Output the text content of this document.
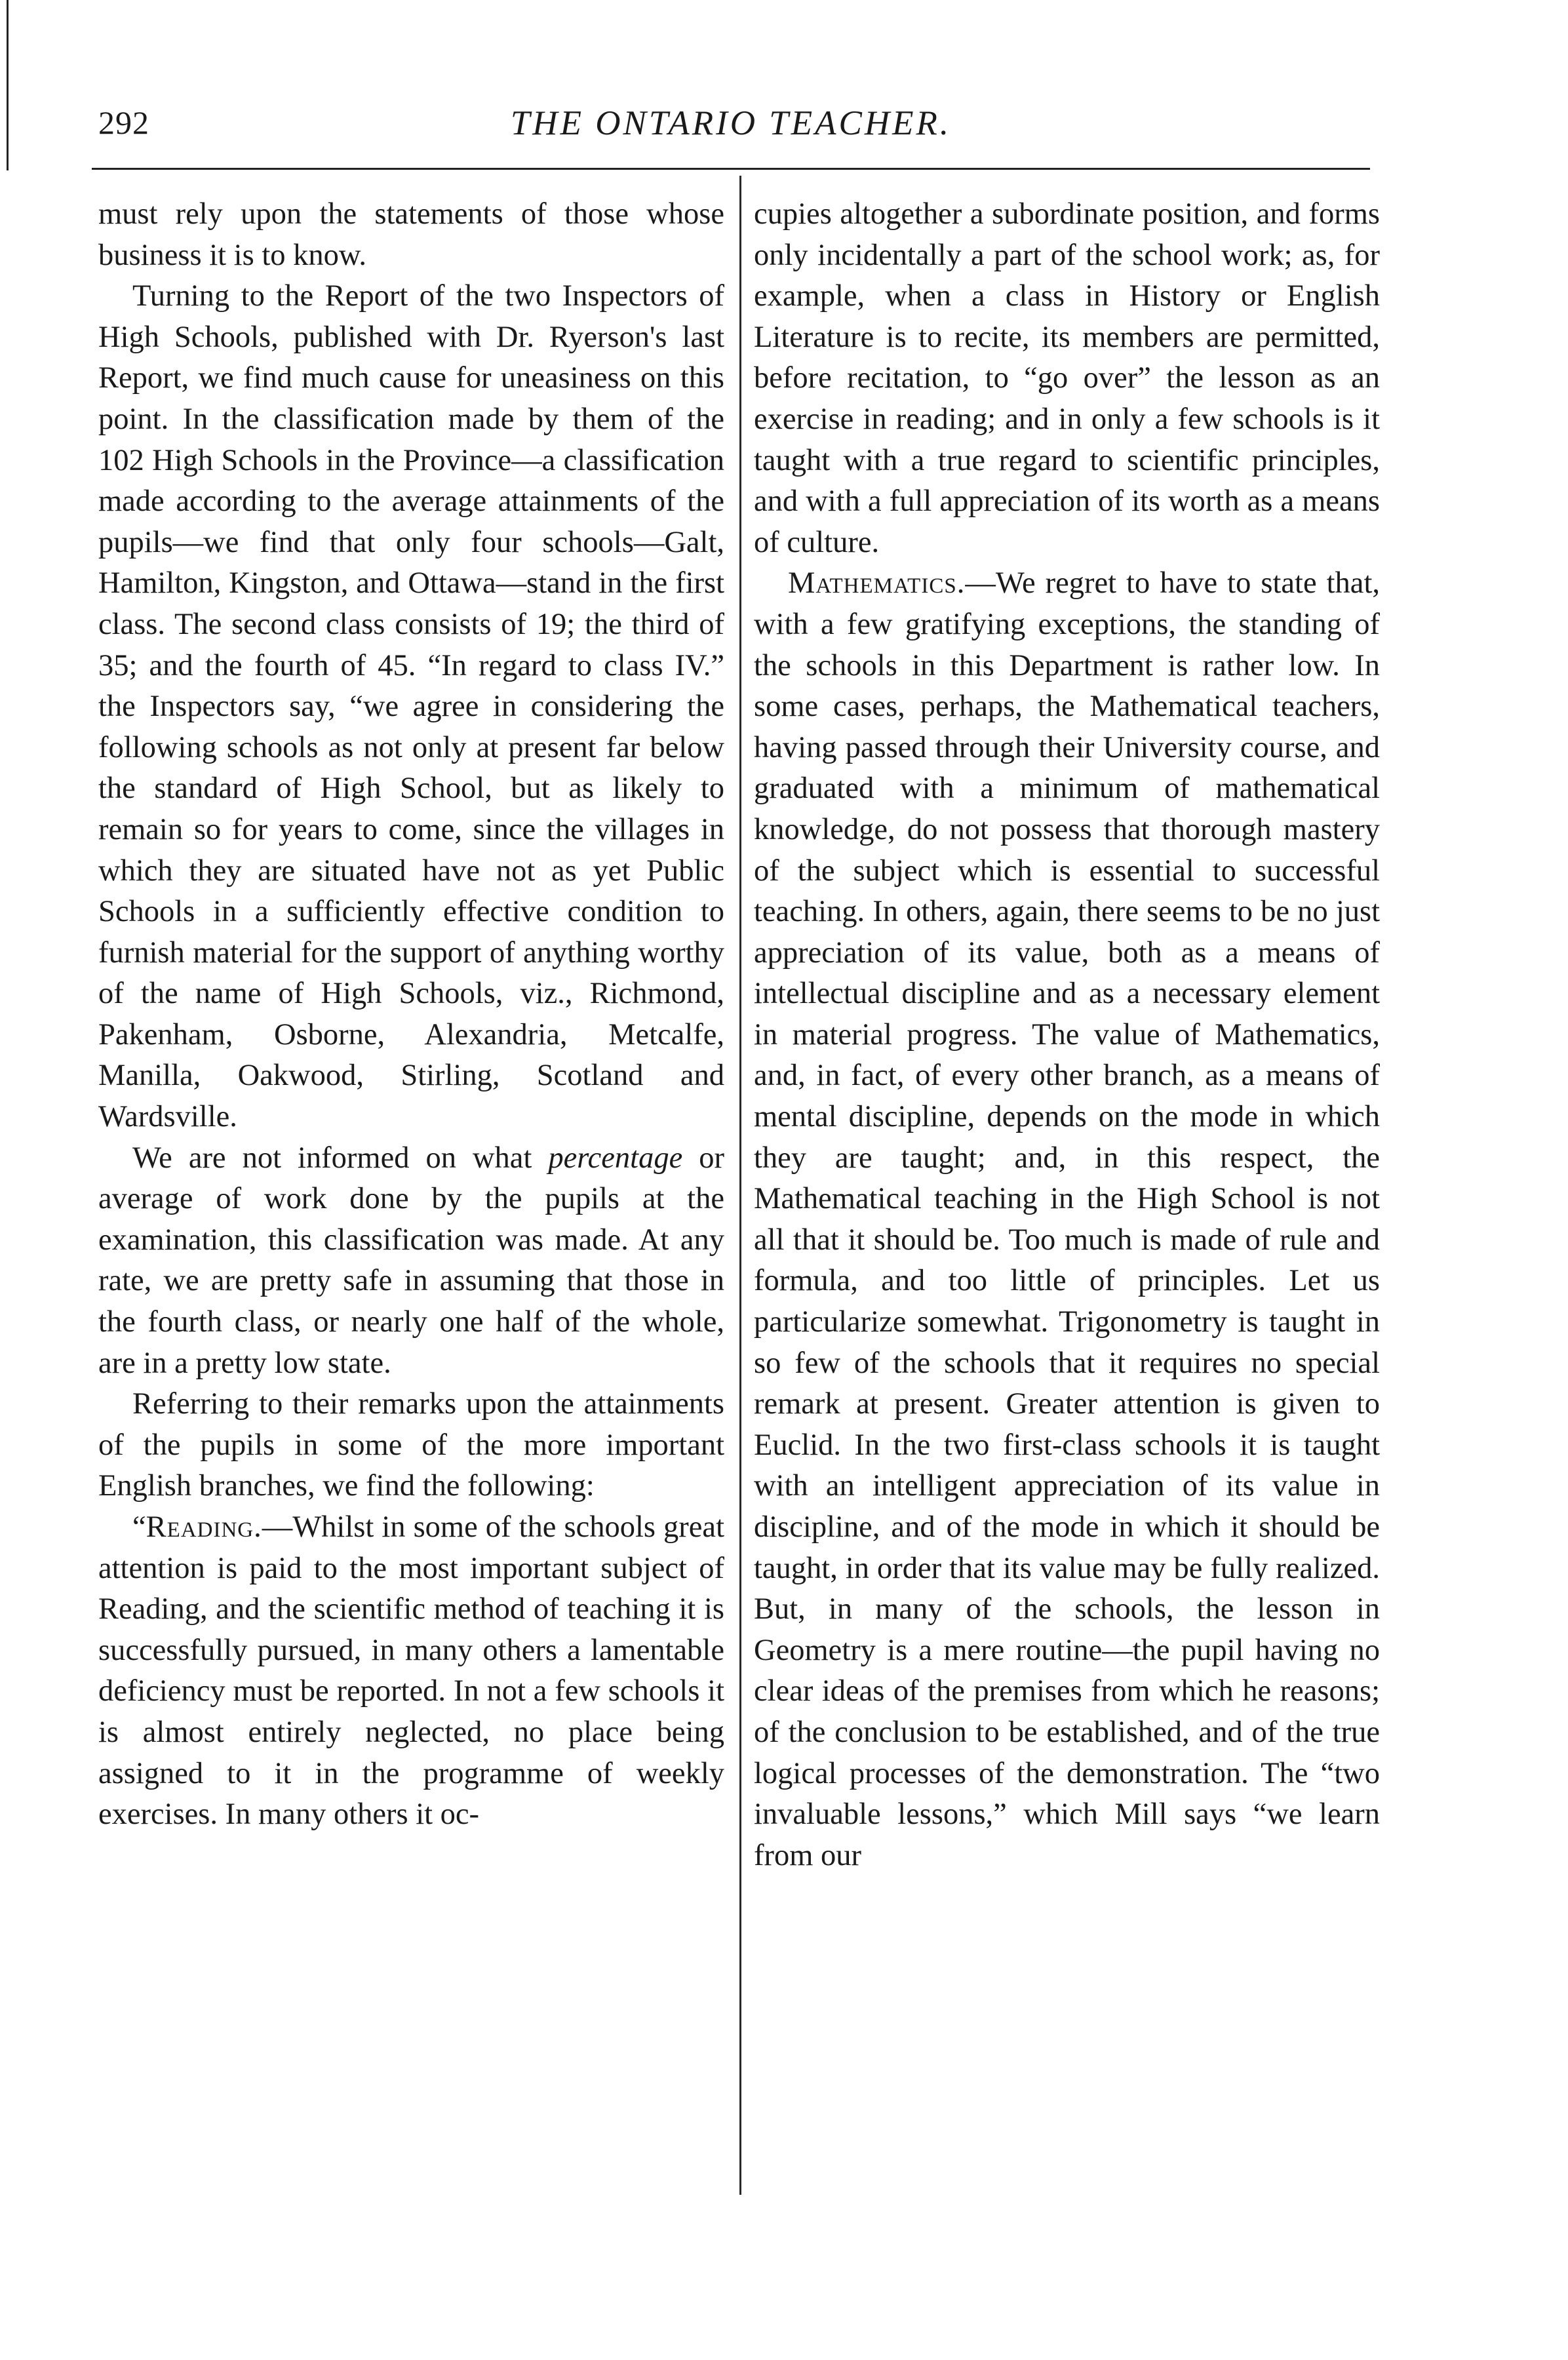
292	THE ONTARIO TEACHER.

must rely upon the statements of those whose business it is to know.

Turning to the Report of the two Inspectors of High Schools, published with Dr. Ryerson's last Report, we find much cause for uneasiness on this point. In the classification made by them of the 102 High Schools in the Province—a classification made according to the average attainments of the pupils—we find that only four schools—Galt, Hamilton, Kingston, and Ottawa—stand in the first class. The second class consists of 19; the third of 35; and the fourth of 45. “In regard to class IV.” the Inspectors say, “we agree in considering the following schools as not only at present far below the standard of High School, but as likely to remain so for years to come, since the villages in which they are situated have not as yet Public Schools in a sufficiently effective condition to furnish material for the support of anything worthy of the name of High Schools, viz., Richmond, Pakenham, Osborne, Alexandria, Metcalfe, Manilla, Oakwood, Stirling, Scotland and Wardsville.

We are not informed on what percentage or average of work done by the pupils at the examination, this classification was made. At any rate, we are pretty safe in assuming that those in the fourth class, or nearly one half of the whole, are in a pretty low state.

Referring to their remarks upon the attainments of the pupils in some of the more important English branches, we find the following:

“Reading.—Whilst in some of the schools great attention is paid to the most important subject of Reading, and the scientific method of teaching it is successfully pursued, in many others a lamentable deficiency must be reported. In not a few schools it is almost entirely neglected, no place being assigned to it in the programme of weekly exercises. In many others it oc-

cupies altogether a subordinate position, and forms only incidentally a part of the school work; as, for example, when a class in History or English Literature is to recite, its members are permitted, before recitation, to “go over” the lesson as an exercise in reading; and in only a few schools is it taught with a true regard to scientific principles, and with a full appreciation of its worth as a means of culture.

Mathematics.—We regret to have to state that, with a few gratifying exceptions, the standing of the schools in this Department is rather low. In some cases, perhaps, the Mathematical teachers, having passed through their University course, and graduated with a minimum of mathematical knowledge, do not possess that thorough mastery of the subject which is essential to successful teaching. In others, again, there seems to be no just appreciation of its value, both as a means of intellectual discipline and as a necessary element in material progress. The value of Mathematics, and, in fact, of every other branch, as a means of mental discipline, depends on the mode in which they are taught; and, in this respect, the Mathematical teaching in the High School is not all that it should be. Too much is made of rule and formula, and too little of principles. Let us particularize somewhat. Trigonometry is taught in so few of the schools that it requires no special remark at present. Greater attention is given to Euclid. In the two first-class schools it is taught with an intelligent appreciation of its value in discipline, and of the mode in which it should be taught, in order that its value may be fully realized. But, in many of the schools, the lesson in Geometry is a mere routine—the pupil having no clear ideas of the premises from which he reasons; of the conclusion to be established, and of the true logical processes of the demonstration. The “two invaluable lessons,” which Mill says “we learn from our
